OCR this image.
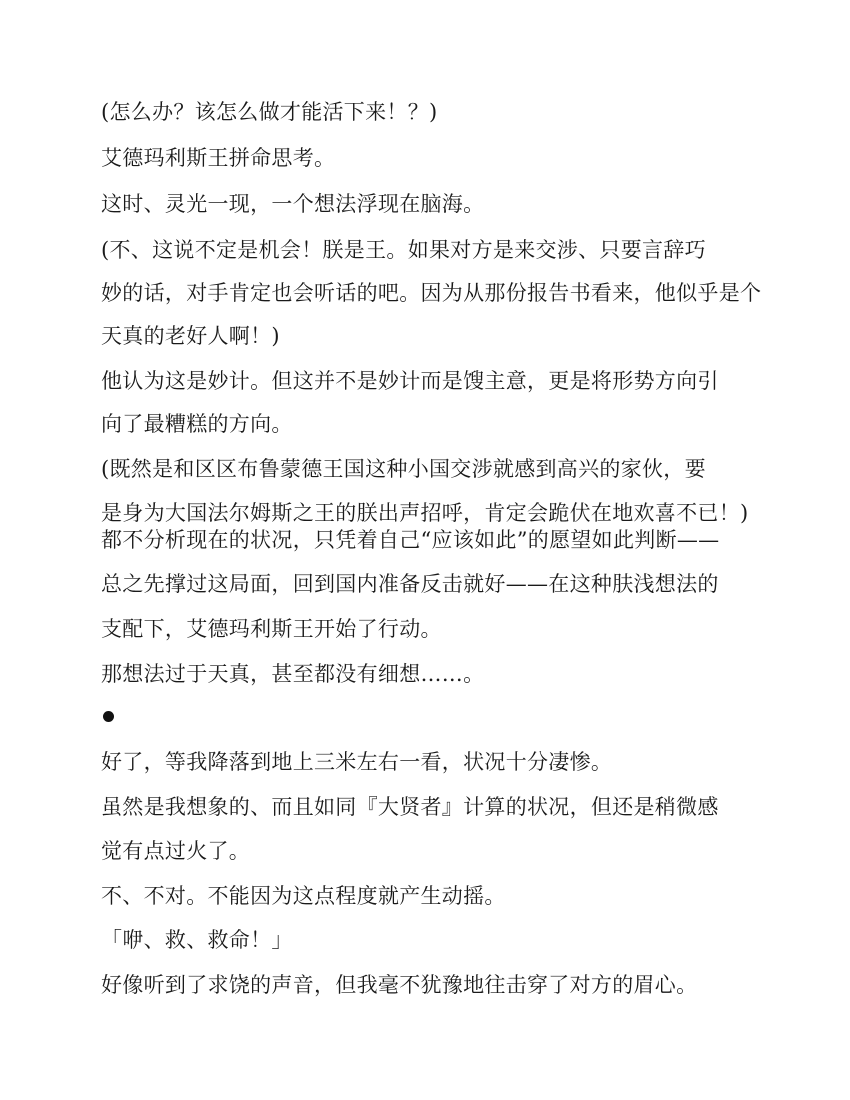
(怎么办？该怎么做才能活下来！？)
艾德玛利斯王拼命思考。
这时、灵光一现，一个想法浮现在脑海。
(不、这说不定是机会！朕是王。如果对方是来交涉、只要言辞巧
妙的话，对手肯定也会听话的吧。因为从那份报告书看来，他似乎是个
天真的老好人啊！)
他认为这是妙计。但这并不是妙计而是馊主意，更是将形势方向引
向了最糟糕的方向。
(既然是和区区布鲁蒙德王国这种小国交涉就感到高兴的家伙，要
是身为大国法尔姆斯之王的朕出声招呼，肯定会跪伏在地欢喜不已！)
都不分析现在的状况，只凭着自己“应该如此”的愿望如此判断——
总之先撑过这局面，回到国内准备反击就好——在这种肤浅想法的
支配下，艾德玛利斯王开始了行动。
那想法过于天真，甚至都没有细想……。
好了，等我降落到地上三米左右一看，状况十分凄惨。
虽然是我想象的、而且如同『大贤者』计算的状况，但还是稍微感
觉有点过火了。
不、不对。不能因为这点程度就产生动摇。
「咿、救、救命！」
好像听到了求饶的声音，但我毫不犹豫地往击穿了对方的眉心。
